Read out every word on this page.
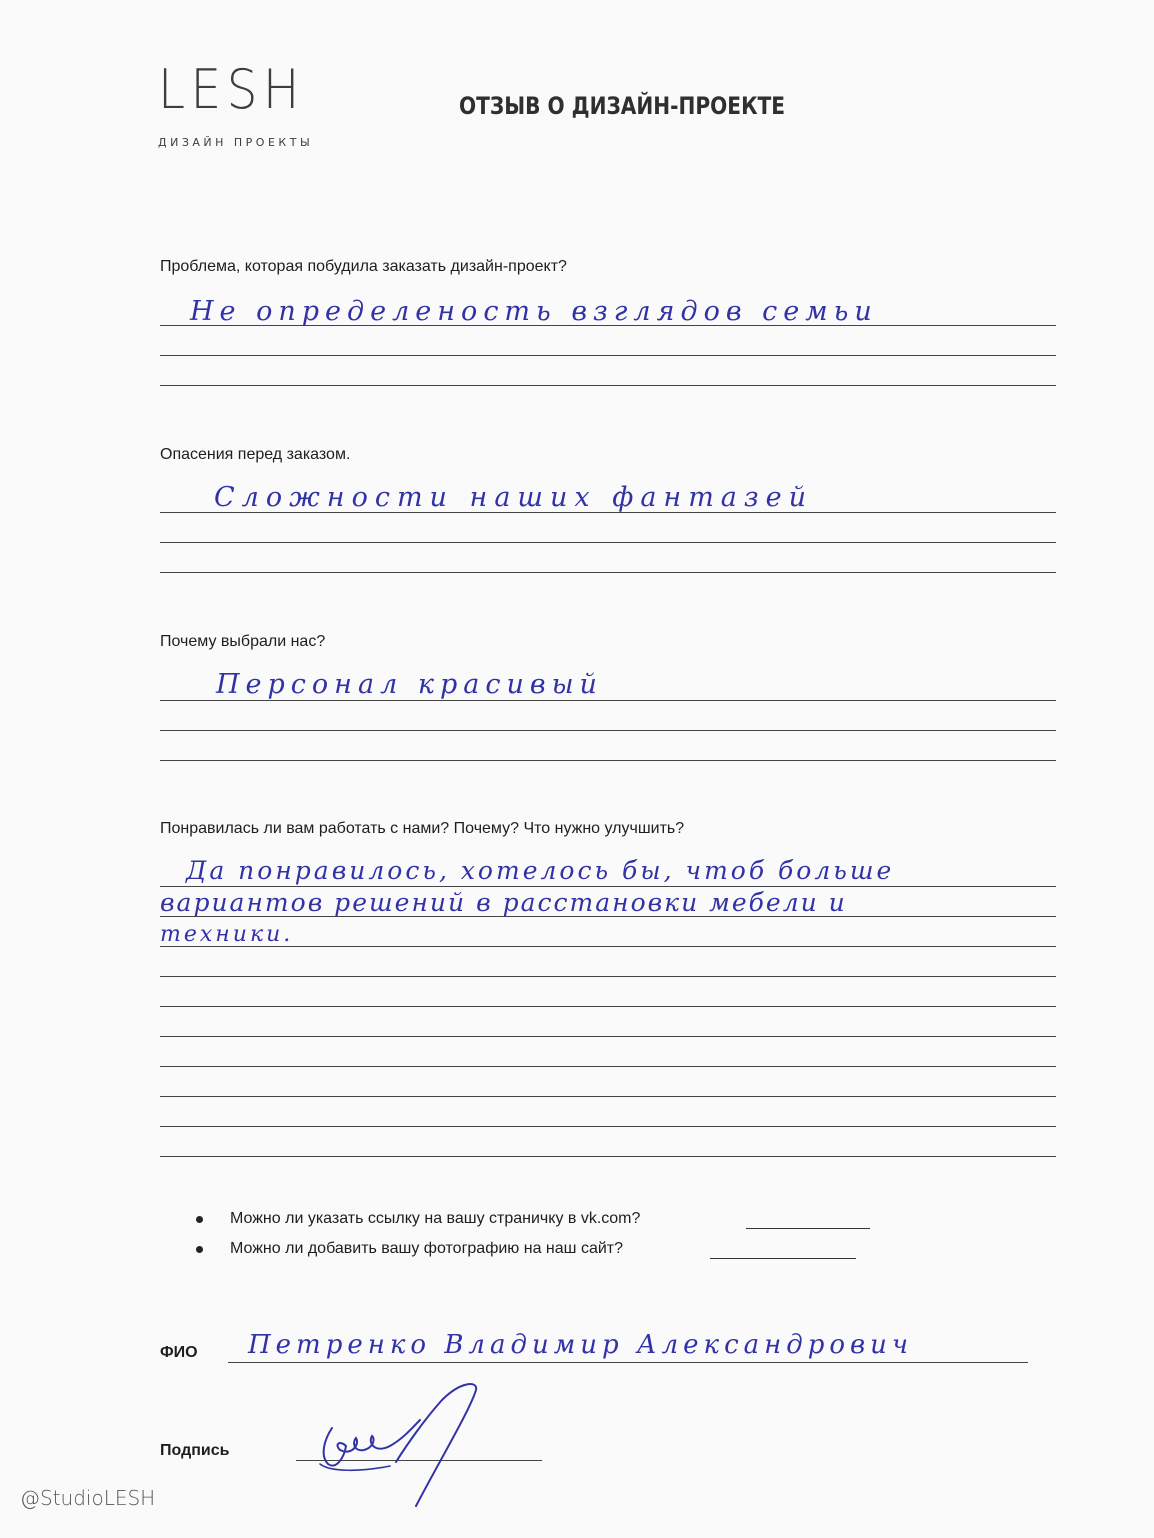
LESH
ДИЗАЙН ПРОЕКТЫ
ОТЗЫВ О ДИЗАЙН-ПРОЕКТЕ
Проблема, которая побудила заказать дизайн-проект?
Не определеность взглядов семьи
Опасения перед заказом.
Сложности наших фантазей
Почему выбрали нас?
Персонал красивый
Понравилась ли вам работать с нами? Почему? Что нужно улучшить?
Да понравилось, хотелось бы, чтоб больше
вариантов решений в расстановки мебели и
техники.
Можно ли указать ссылку на вашу страничку в vk.com?
Можно ли добавить вашу фотографию на наш сайт?
ФИО Петренко Владимир Александрович
Подпись
@StudioLESH
